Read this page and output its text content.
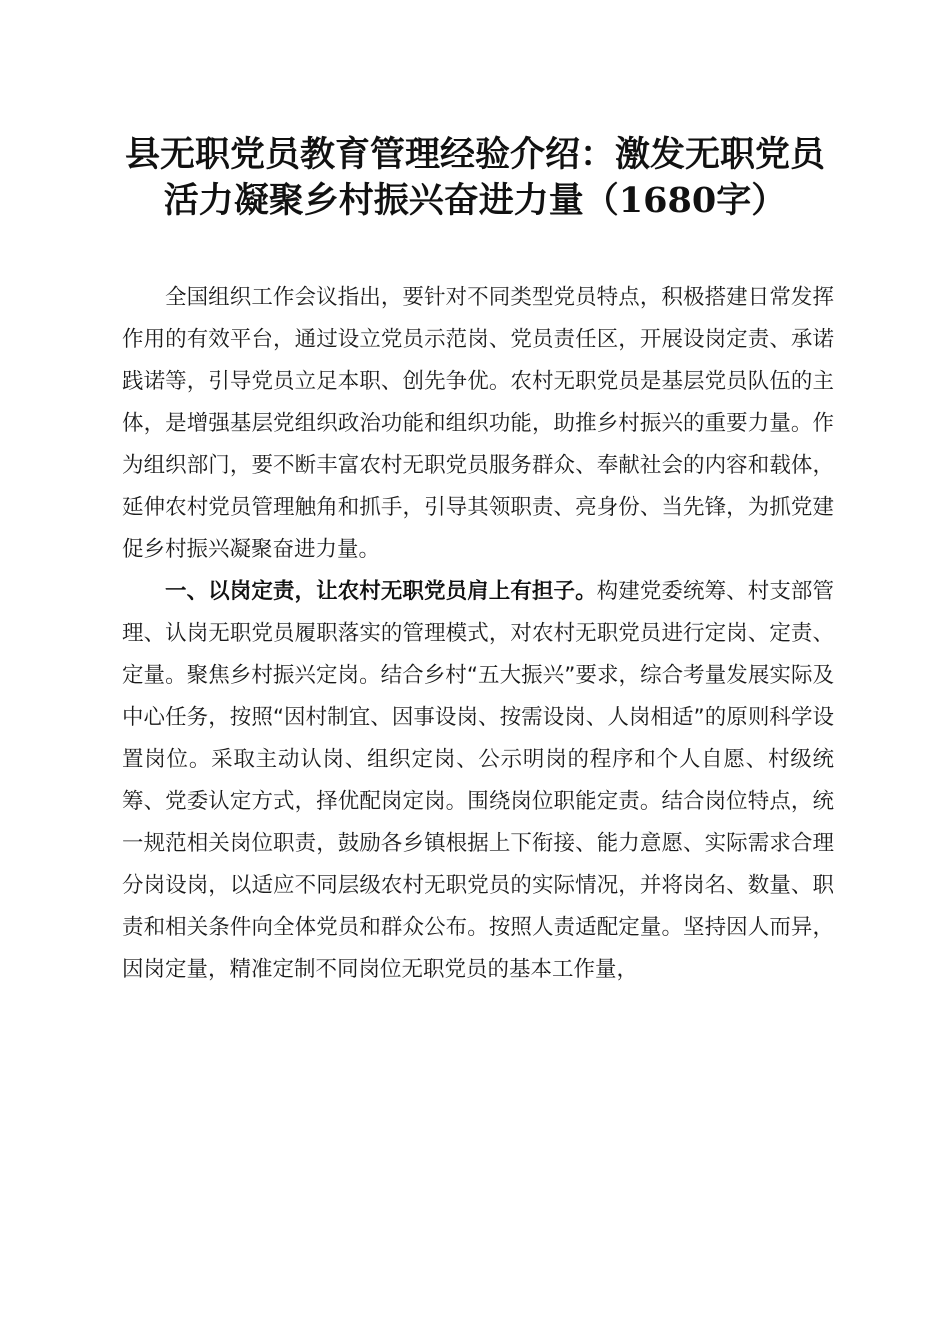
县无职党员教育管理经验介绍：激发无职党员
活力凝聚乡村振兴奋进力量（1680字）

全国组织工作会议指出，要针对不同类型党员特点，积极搭建日常发挥作用的有效平台，通过设立党员示范岗、党员责任区，开展设岗定责、承诺践诺等，引导党员立足本职、创先争优。农村无职党员是基层党员队伍的主体，是增强基层党组织政治功能和组织功能，助推乡村振兴的重要力量。作为组织部门，要不断丰富农村无职党员服务群众、奉献社会的内容和载体，延伸农村党员管理触角和抓手，引导其领职责、亮身份、当先锋，为抓党建促乡村振兴凝聚奋进力量。

一、以岗定责，让农村无职党员肩上有担子。构建党委统筹、村支部管理、认岗无职党员履职落实的管理模式，对农村无职党员进行定岗、定责、定量。聚焦乡村振兴定岗。结合乡村“五大振兴”要求，综合考量发展实际及中心任务，按照“因村制宜、因事设岗、按需设岗、人岗相适”的原则科学设置岗位。采取主动认岗、组织定岗、公示明岗的程序和个人自愿、村级统筹、党委认定方式，择优配岗定岗。围绕岗位职能定责。结合岗位特点，统一规范相关岗位职责，鼓励各乡镇根据上下衔接、能力意愿、实际需求合理分岗设岗，以适应不同层级农村无职党员的实际情况，并将岗名、数量、职责和相关条件向全体党员和群众公布。按照人责适配定量。坚持因人而异，因岗定量，精准定制不同岗位无职党员的基本工作量，
